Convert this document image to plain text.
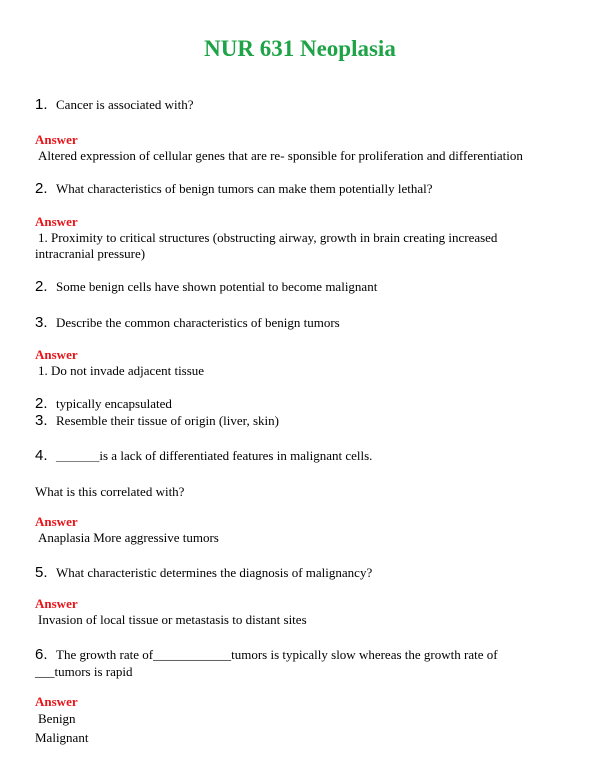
NUR 631 Neoplasia
1. Cancer is associated with?
Answer
Altered expression of cellular genes that are re- sponsible for proliferation and differentiation
2. What characteristics of benign tumors can make them potentially lethal?
Answer
1. Proximity to critical structures (obstructing airway, growth in brain creating increased
intracranial pressure)
2. Some benign cells have shown potential to become malignant
3. Describe the common characteristics of benign tumors
Answer
1. Do not invade adjacent tissue
2. typically encapsulated
3. Resemble their tissue of origin (liver, skin)
4. ______is a lack of differentiated features in malignant cells.
What is this correlated with?
Answer
Anaplasia More aggressive tumors
5. What characteristic determines the diagnosis of malignancy?
Answer
Invasion of local tissue or metastasis to distant sites
6. The growth rate of____________tumors is typically slow whereas the growth rate of
___tumors is rapid
Answer
Benign
Malignant
